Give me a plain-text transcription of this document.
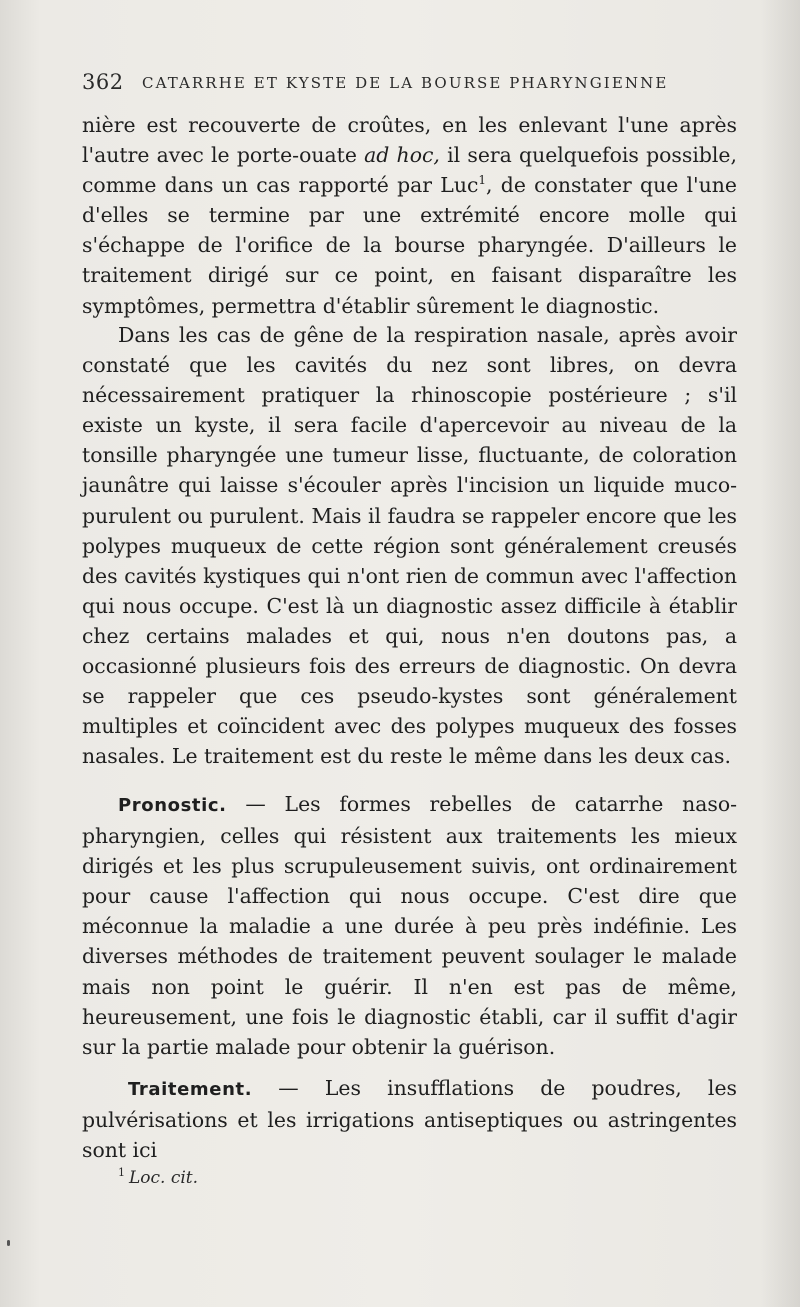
362 CATARRHE ET KYSTE DE LA BOURSE PHARYNGIENNE

nière est recouverte de croûtes, en les enlevant l'une après l'autre avec le porte-ouate ad hoc, il sera quelquefois possible, comme dans un cas rapporté par Luc$^1$, de constater que l'une d'elles se termine par une extrémité encore molle qui s'échappe de l'orifice de la bourse pharyngée. D'ailleurs le traitement dirigé sur ce point, en faisant disparaître les symptômes, permettra d'établir sûrement le diagnostic.

Dans les cas de gêne de la respiration nasale, après avoir constaté que les cavités du nez sont libres, on devra nécessairement pratiquer la rhinoscopie postérieure ; s'il existe un kyste, il sera facile d'apercevoir au niveau de la tonsille pharyngée une tumeur lisse, fluctuante, de coloration jaunâtre qui laisse s'écouler après l'incision un liquide muco-purulent ou purulent. Mais il faudra se rappeler encore que les polypes muqueux de cette région sont généralement creusés des cavités kystiques qui n'ont rien de commun avec l'affection qui nous occupe. C'est là un diagnostic assez difficile à établir chez certains malades et qui, nous n'en doutons pas, a occasionné plusieurs fois des erreurs de diagnostic. On devra se rappeler que ces pseudo-kystes sont généralement multiples et coïncident avec des polypes muqueux des fosses nasales. Le traitement est du reste le même dans les deux cas.

Pronostic. — Les formes rebelles de catarrhe naso-pharyngien, celles qui résistent aux traitements les mieux dirigés et les plus scrupuleusement suivis, ont ordinairement pour cause l'affection qui nous occupe. C'est dire que méconnue la maladie a une durée à peu près indéfinie. Les diverses méthodes de traitement peuvent soulager le malade mais non point le guérir. Il n'en est pas de même, heureusement, une fois le diagnostic établi, car il suffit d'agir sur la partie malade pour obtenir la guérison.

Traitement. — Les insufflations de poudres, les pulvérisations et les irrigations antiseptiques ou astringentes sont ici

$^1$ Loc. cit.
